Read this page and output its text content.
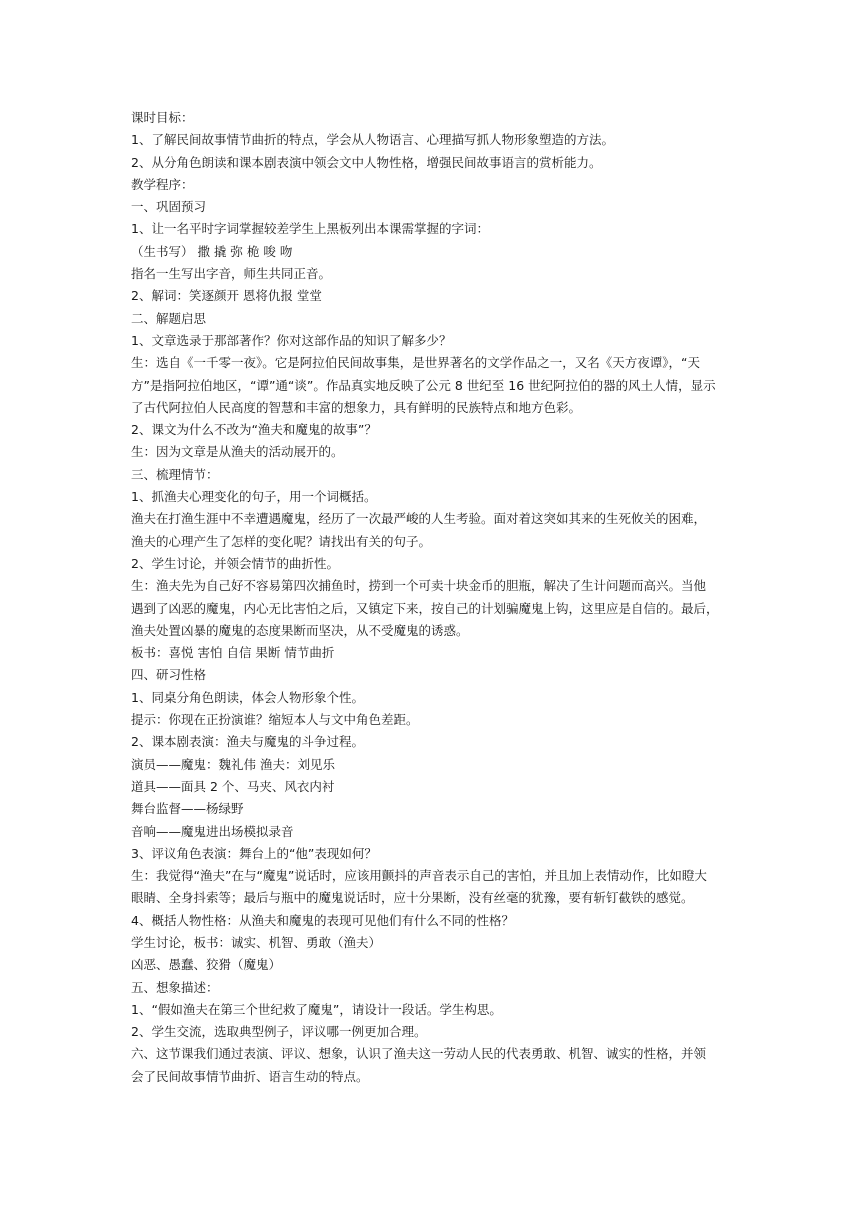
课时目标：
1、了解民间故事情节曲折的特点，学会从人物语言、心理描写抓人物形象塑造的方法。
2、从分角色朗读和课本剧表演中领会文中人物性格，增强民间故事语言的赏析能力。
教学程序：
一、巩固预习
1、让一名平时字词掌握较差学生上黑板列出本课需掌握的字词：
（生书写） 撒 撬 弥 桅 唆 吻
指名一生写出字音，师生共同正音。
2、解词：笑逐颜开 恩将仇报 堂堂
二、解题启思
1、文章选录于那部著作？你对这部作品的知识了解多少？
生：选自《一千零一夜》。它是阿拉伯民间故事集，是世界著名的文学作品之一，又名《天方夜谭》，“天
方”是指阿拉伯地区，“谭”通“谈”。作品真实地反映了公元 8 世纪至 16 世纪阿拉伯的器的风土人情，显示
了古代阿拉伯人民高度的智慧和丰富的想象力，具有鲜明的民族特点和地方色彩。
2、课文为什么不改为“渔夫和魔鬼的故事”？
生：因为文章是从渔夫的活动展开的。
三、梳理情节：
1、抓渔夫心理变化的句子，用一个词概括。
渔夫在打渔生涯中不幸遭遇魔鬼，经历了一次最严峻的人生考验。面对着这突如其来的生死攸关的困难，
渔夫的心理产生了怎样的变化呢？请找出有关的句子。
2、学生讨论，并领会情节的曲折性。
生：渔夫先为自己好不容易第四次捕鱼时，捞到一个可卖十块金币的胆瓶，解决了生计问题而高兴。当他
遇到了凶恶的魔鬼，内心无比害怕之后，又镇定下来，按自己的计划骗魔鬼上钩，这里应是自信的。最后，
渔夫处置凶暴的魔鬼的态度果断而坚决，从不受魔鬼的诱惑。
板书：喜悦 害怕 自信 果断 情节曲折
四、研习性格
1、同桌分角色朗读，体会人物形象个性。
提示：你现在正扮演谁？缩短本人与文中角色差距。
2、课本剧表演：渔夫与魔鬼的斗争过程。
演员——魔鬼：魏礼伟 渔夫：刘见乐
道具——面具 2 个、马夹、风衣内衬
舞台监督——杨绿野
音响——魔鬼进出场模拟录音
3、评议角色表演：舞台上的“他”表现如何？
生：我觉得“渔夫”在与“魔鬼”说话时，应该用颤抖的声音表示自己的害怕，并且加上表情动作，比如瞪大
眼睛、全身抖索等；最后与瓶中的魔鬼说话时，应十分果断，没有丝毫的犹豫，要有斩钉截铁的感觉。
4、概括人物性格：从渔夫和魔鬼的表现可见他们有什么不同的性格？
学生讨论，板书：诚实、机智、勇敢（渔夫）
凶恶、愚蠢、狡猾（魔鬼）
五、想象描述：
1、“假如渔夫在第三个世纪救了魔鬼”，请设计一段话。学生构思。
2、学生交流，选取典型例子，评议哪一例更加合理。
六、这节课我们通过表演、评议、想象，认识了渔夫这一劳动人民的代表勇敢、机智、诚实的性格，并领
会了民间故事情节曲折、语言生动的特点。
